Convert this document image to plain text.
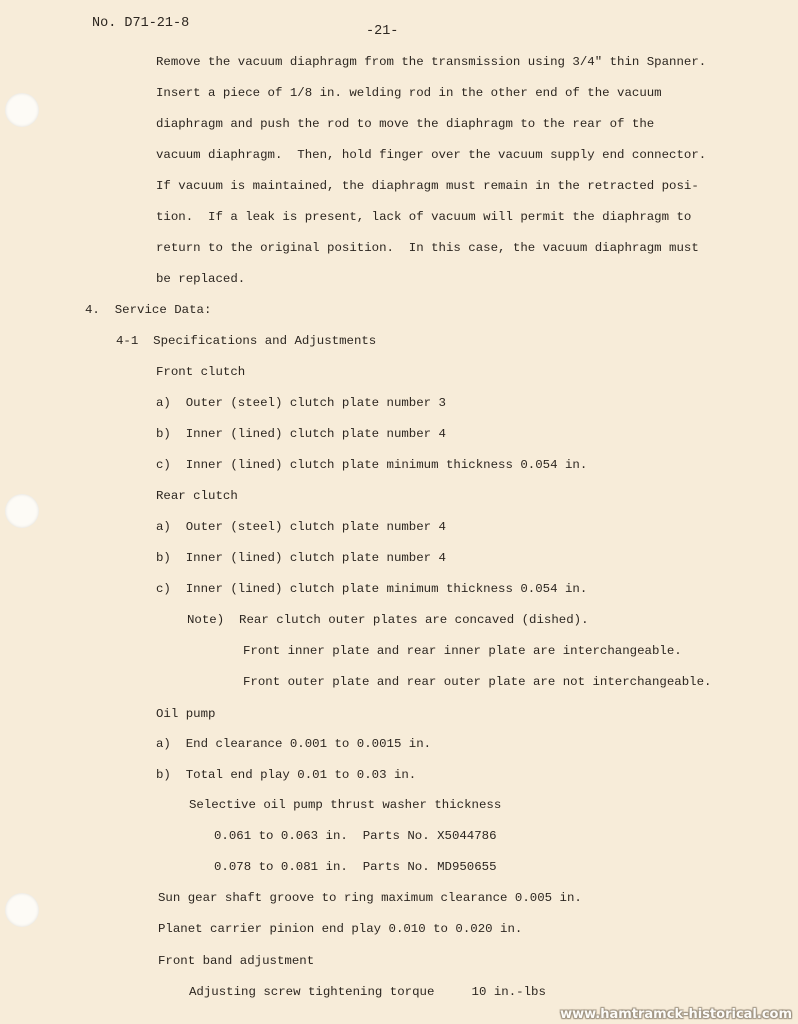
No. D71-21-8
-21-
Remove the vacuum diaphragm from the transmission using 3/4" thin Spanner.
Insert a piece of 1/8 in. welding rod in the other end of the vacuum
diaphragm and push the rod to move the diaphragm to the rear of the
vacuum diaphragm.  Then, hold finger over the vacuum supply end connector.
If vacuum is maintained, the diaphragm must remain in the retracted posi-
tion.  If a leak is present, lack of vacuum will permit the diaphragm to
return to the original position.  In this case, the vacuum diaphragm must
be replaced.
4.  Service Data:
4-1  Specifications and Adjustments
Front clutch
a)  Outer (steel) clutch plate number 3
b)  Inner (lined) clutch plate number 4
c)  Inner (lined) clutch plate minimum thickness 0.054 in.
Rear clutch
a)  Outer (steel) clutch plate number 4
b)  Inner (lined) clutch plate number 4
c)  Inner (lined) clutch plate minimum thickness 0.054 in.
Note)  Rear clutch outer plates are concaved (dished).
Front inner plate and rear inner plate are interchangeable.
Front outer plate and rear outer plate are not interchangeable.
Oil pump
a)  End clearance 0.001 to 0.0015 in.
b)  Total end play 0.01 to 0.03 in.
Selective oil pump thrust washer thickness
0.061 to 0.063 in.  Parts No. X5044786
0.078 to 0.081 in.  Parts No. MD950655
Sun gear shaft groove to ring maximum clearance 0.005 in.
Planet carrier pinion end play 0.010 to 0.020 in.
Front band adjustment
Adjusting screw tightening torque     10 in.-lbs
www.hamtramck-historical.com
